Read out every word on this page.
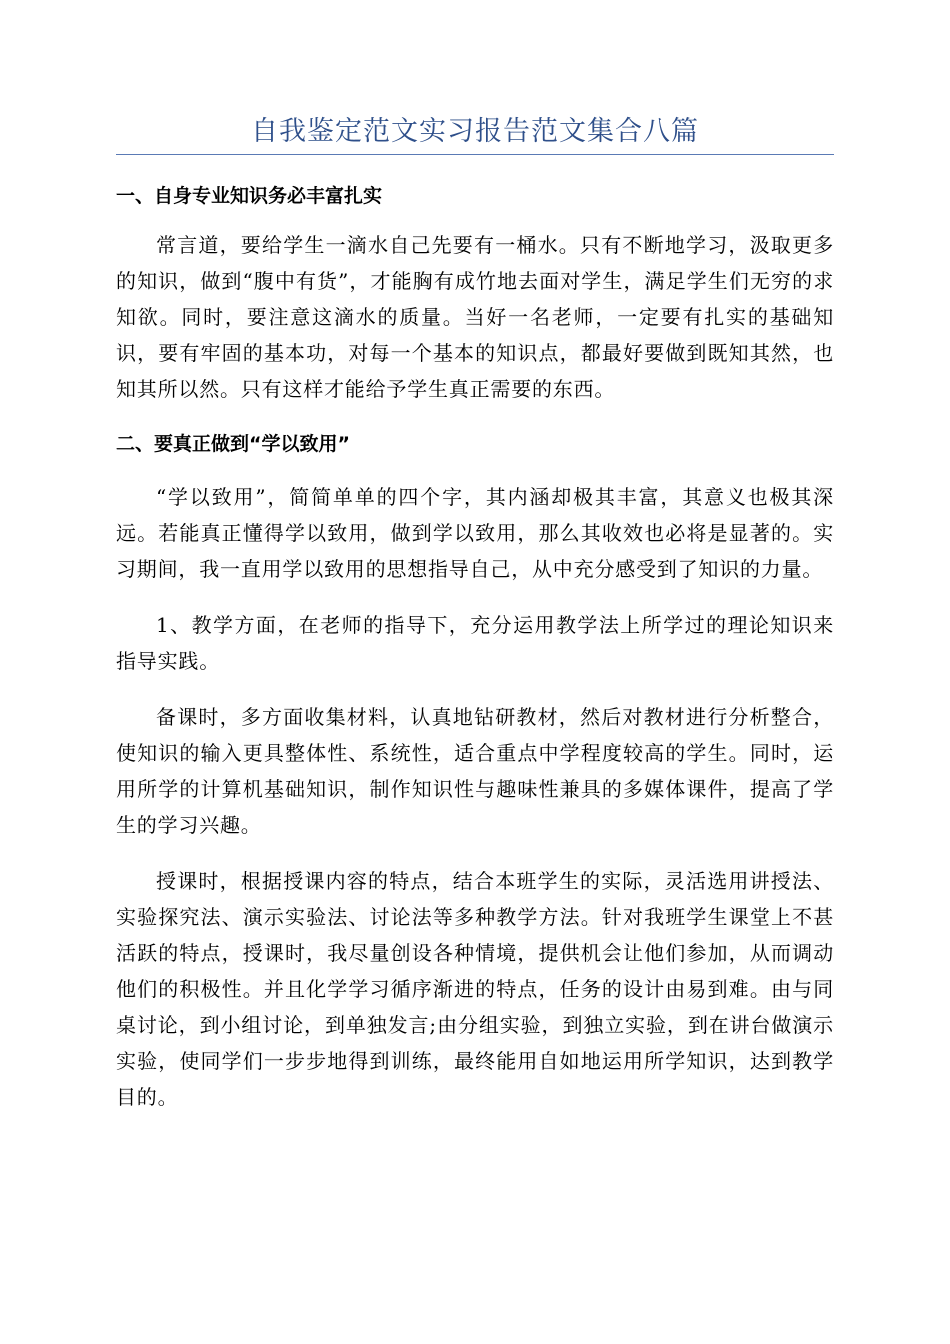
自我鉴定范文实习报告范文集合八篇
一、自身专业知识务必丰富扎实

常言道，要给学生一滴水自己先要有一桶水。只有不断地学习，汲取更多的知识，做到“腹中有货”，才能胸有成竹地去面对学生，满足学生们无穷的求知欲。同时，要注意这滴水的质量。当好一名老师，一定要有扎实的基础知识，要有牢固的基本功，对每一个基本的知识点，都最好要做到既知其然，也知其所以然。只有这样才能给予学生真正需要的东西。

二、要真正做到“学以致用”

“学以致用”，简简单单的四个字，其内涵却极其丰富，其意义也极其深远。若能真正懂得学以致用，做到学以致用，那么其收效也必将是显著的。实习期间，我一直用学以致用的思想指导自己，从中充分感受到了知识的力量。

1、教学方面，在老师的指导下，充分运用教学法上所学过的理论知识来指导实践。

备课时，多方面收集材料，认真地钻研教材，然后对教材进行分析整合，使知识的输入更具整体性、系统性，适合重点中学程度较高的学生。同时，运用所学的计算机基础知识，制作知识性与趣味性兼具的多媒体课件，提高了学生的学习兴趣。

授课时，根据授课内容的特点，结合本班学生的实际，灵活选用讲授法、实验探究法、演示实验法、讨论法等多种教学方法。针对我班学生课堂上不甚活跃的特点，授课时，我尽量创设各种情境，提供机会让他们参加，从而调动他们的积极性。并且化学学习循序渐进的特点，任务的设计由易到难。由与同桌讨论，到小组讨论，到单独发言;由分组实验，到独立实验，到在讲台做演示实验，使同学们一步步地得到训练，最终能用自如地运用所学知识，达到教学目的。
